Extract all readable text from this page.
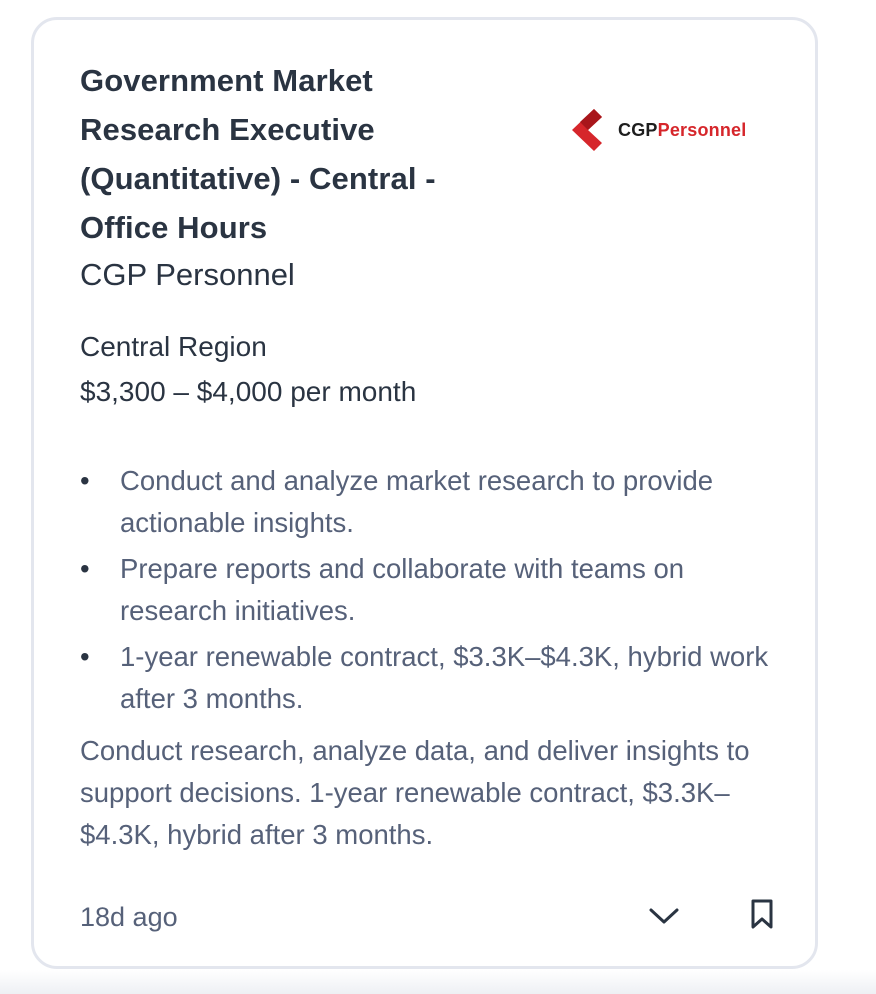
Government Market Research Executive (Quantitative) - Central - Office Hours
CGPPersonnel
CGP Personnel
Central Region
$3,300 – $4,000 per month
• Conduct and analyze market research to provide actionable insights.
• Prepare reports and collaborate with teams on research initiatives.
• 1-year renewable contract, $3.3K–$4.3K, hybrid work after 3 months.

Conduct research, analyze data, and deliver insights to support decisions. 1-year renewable contract, $3.3K–$4.3K, hybrid after 3 months.

18d ago
